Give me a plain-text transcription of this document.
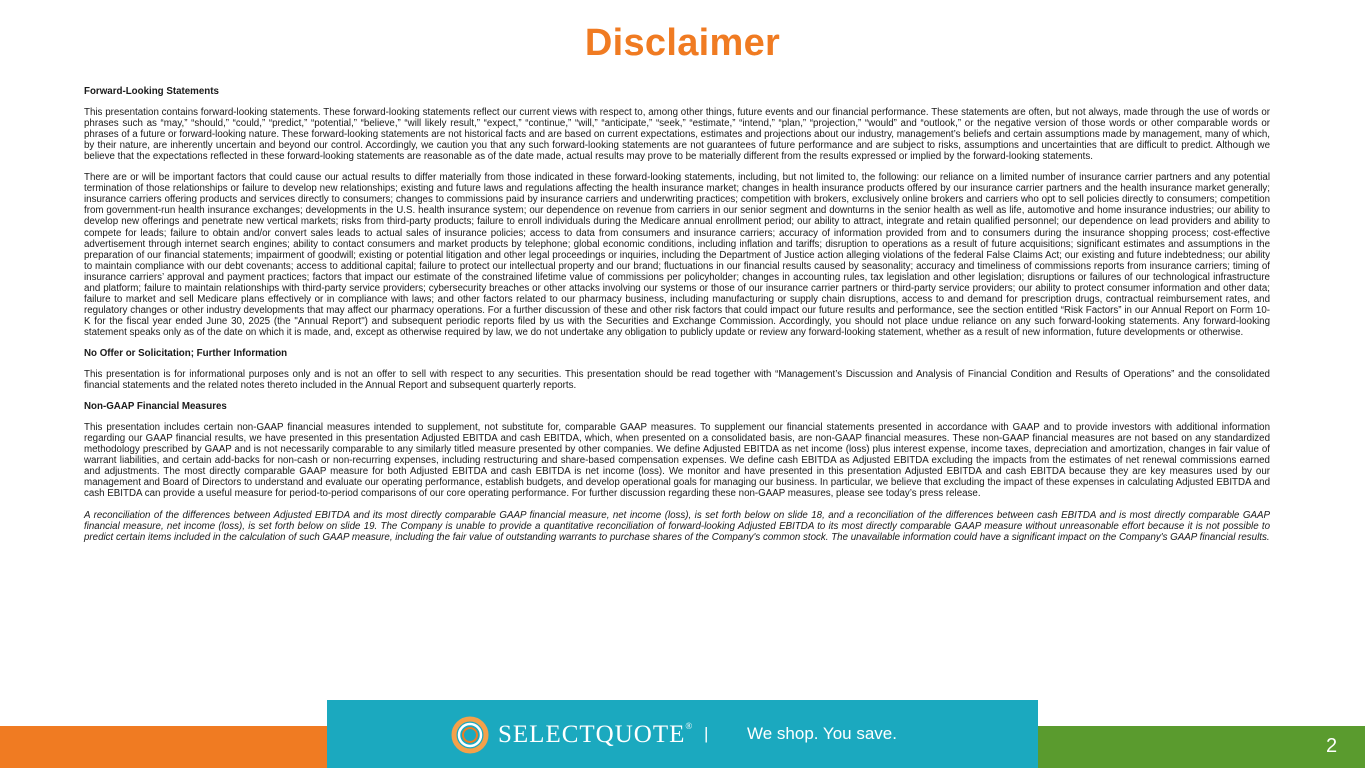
Disclaimer
Forward-Looking Statements

This presentation contains forward-looking statements. These forward-looking statements reflect our current views with respect to, among other things, future events and our financial performance. These statements are often, but not always, made through the use of words or phrases such as “may,” “should,” “could,” “predict,” “potential,” “believe,” “will likely result,” “expect,” “continue,” “will,” “anticipate,” “seek,” “estimate,” “intend,” “plan,” “projection,” “would” and “outlook,” or the negative version of those words or other comparable words or phrases of a future or forward-looking nature. These forward-looking statements are not historical facts and are based on current expectations, estimates and projections about our industry, management’s beliefs and certain assumptions made by management, many of which, by their nature, are inherently uncertain and beyond our control. Accordingly, we caution you that any such forward-looking statements are not guarantees of future performance and are subject to risks, assumptions and uncertainties that are difficult to predict. Although we believe that the expectations reflected in these forward-looking statements are reasonable as of the date made, actual results may prove to be materially different from the results expressed or implied by the forward-looking statements.

There are or will be important factors that could cause our actual results to differ materially from those indicated in these forward-looking statements, including, but not limited to, the following: our reliance on a limited number of insurance carrier partners and any potential termination of those relationships or failure to develop new relationships; existing and future laws and regulations affecting the health insurance market; changes in health insurance products offered by our insurance carrier partners and the health insurance market generally; insurance carriers offering products and services directly to consumers; changes to commissions paid by insurance carriers and underwriting practices; competition with brokers, exclusively online brokers and carriers who opt to sell policies directly to consumers; competition from government-run health insurance exchanges; developments in the U.S. health insurance system; our dependence on revenue from carriers in our senior segment and downturns in the senior health as well as life, automotive and home insurance industries; our ability to develop new offerings and penetrate new vertical markets; risks from third-party products; failure to enroll individuals during the Medicare annual enrollment period; our ability to attract, integrate and retain qualified personnel; our dependence on lead providers and ability to compete for leads; failure to obtain and/or convert sales leads to actual sales of insurance policies; access to data from consumers and insurance carriers; accuracy of information provided from and to consumers during the insurance shopping process; cost-effective advertisement through internet search engines; ability to contact consumers and market products by telephone; global economic conditions, including inflation and tariffs; disruption to operations as a result of future acquisitions; significant estimates and assumptions in the preparation of our financial statements; impairment of goodwill; existing or potential litigation and other legal proceedings or inquiries, including the Department of Justice action alleging violations of the federal False Claims Act; our existing and future indebtedness; our ability to maintain compliance with our debt covenants; access to additional capital; failure to protect our intellectual property and our brand; fluctuations in our financial results caused by seasonality; accuracy and timeliness of commissions reports from insurance carriers; timing of insurance carriers’ approval and payment practices; factors that impact our estimate of the constrained lifetime value of commissions per policyholder; changes in accounting rules, tax legislation and other legislation; disruptions or failures of our technological infrastructure and platform; failure to maintain relationships with third-party service providers; cybersecurity breaches or other attacks involving our systems or those of our insurance carrier partners or third-party service providers; our ability to protect consumer information and other data; failure to market and sell Medicare plans effectively or in compliance with laws; and other factors related to our pharmacy business, including manufacturing or supply chain disruptions, access to and demand for prescription drugs, contractual reimbursement rates, and regulatory changes or other industry developments that may affect our pharmacy operations. For a further discussion of these and other risk factors that could impact our future results and performance, see the section entitled “Risk Factors” in our Annual Report on Form 10-K for the fiscal year ended June 30, 2025 (the "Annual Report") and subsequent periodic reports filed by us with the Securities and Exchange Commission. Accordingly, you should not place undue reliance on any such forward-looking statements. Any forward-looking statement speaks only as of the date on which it is made, and, except as otherwise required by law, we do not undertake any obligation to publicly update or review any forward-looking statement, whether as a result of new information, future developments or otherwise.

No Offer or Solicitation; Further Information

This presentation is for informational purposes only and is not an offer to sell with respect to any securities. This presentation should be read together with “Management’s Discussion and Analysis of Financial Condition and Results of Operations” and the consolidated financial statements and the related notes thereto included in the Annual Report and subsequent quarterly reports.

Non-GAAP Financial Measures

This presentation includes certain non-GAAP financial measures intended to supplement, not substitute for, comparable GAAP measures. To supplement our financial statements presented in accordance with GAAP and to provide investors with additional information regarding our GAAP financial results, we have presented in this presentation Adjusted EBITDA and cash EBITDA, which, when presented on a consolidated basis, are non-GAAP financial measures. These non-GAAP financial measures are not based on any standardized methodology prescribed by GAAP and is not necessarily comparable to any similarly titled measure presented by other companies. We define Adjusted EBITDA as net income (loss) plus interest expense, income taxes, depreciation and amortization, changes in fair value of warrant liabilities, and certain add-backs for non-cash or non-recurring expenses, including restructuring and share-based compensation expenses. We define cash EBITDA as Adjusted EBITDA excluding the impacts from the estimates of net renewal commissions earned and adjustments. The most directly comparable GAAP measure for both Adjusted EBITDA and cash EBITDA is net income (loss). We monitor and have presented in this presentation Adjusted EBITDA and cash EBITDA because they are key measures used by our management and Board of Directors to understand and evaluate our operating performance, establish budgets, and develop operational goals for managing our business. In particular, we believe that excluding the impact of these expenses in calculating Adjusted EBITDA and cash EBITDA can provide a useful measure for period-to-period comparisons of our core operating performance. For further discussion regarding these non-GAAP measures, please see today’s press release.

A reconciliation of the differences between Adjusted EBITDA and its most directly comparable GAAP financial measure, net income (loss), is set forth below on slide 18, and a reconciliation of the differences between cash EBITDA and is most directly comparable GAAP financial measure, net income (loss), is set forth below on slide 19. The Company is unable to provide a quantitative reconciliation of forward-looking Adjusted EBITDA to its most directly comparable GAAP measure without unreasonable effort because it is not possible to predict certain items included in the calculation of such GAAP measure, including the fair value of outstanding warrants to purchase shares of the Company's common stock. The unavailable information could have a significant impact on the Company's GAAP financial results.

SELECTQUOTE® | We shop. You save.
2
